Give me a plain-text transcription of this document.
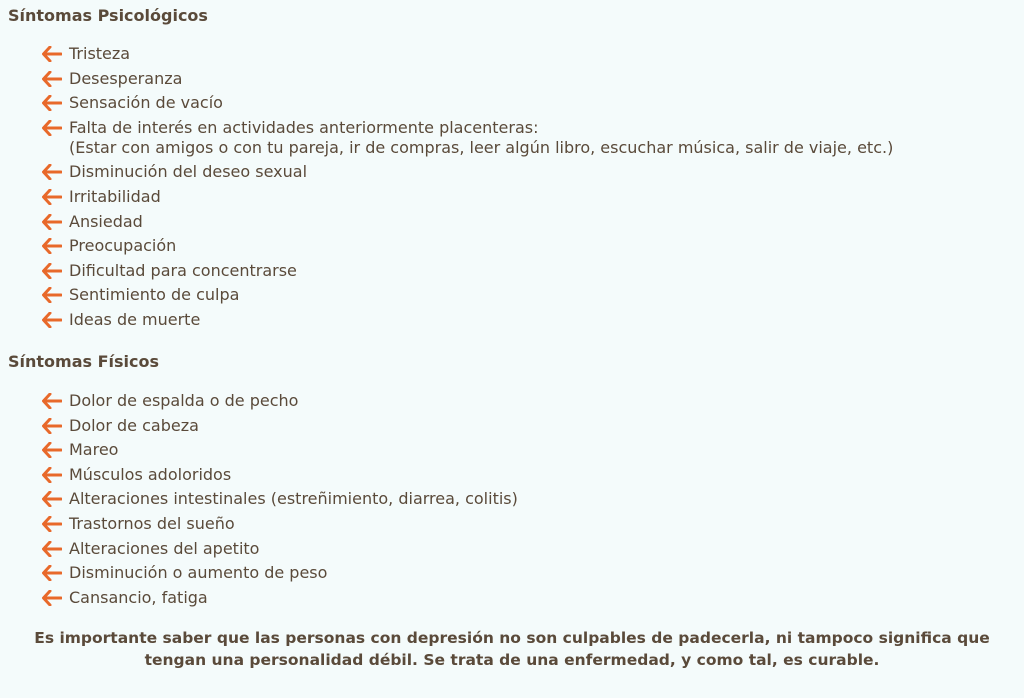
Síntomas Psicológicos
Tristeza
Desesperanza
Sensación de vacío
Falta de interés en actividades anteriormente placenteras:
(Estar con amigos o con tu pareja, ir de compras, leer algún libro, escuchar música, salir de viaje, etc.)
Disminución del deseo sexual
Irritabilidad
Ansiedad
Preocupación
Dificultad para concentrarse
Sentimiento de culpa
Ideas de muerte
Síntomas Físicos
Dolor de espalda o de pecho
Dolor de cabeza
Mareo
Músculos adoloridos
Alteraciones intestinales (estreñimiento, diarrea, colitis)
Trastornos del sueño
Alteraciones del apetito
Disminución o aumento de peso
Cansancio, fatiga

Es importante saber que las personas con depresión no son culpables de padecerla, ni tampoco significa que
tengan una personalidad débil. Se trata de una enfermedad, y como tal, es curable.
